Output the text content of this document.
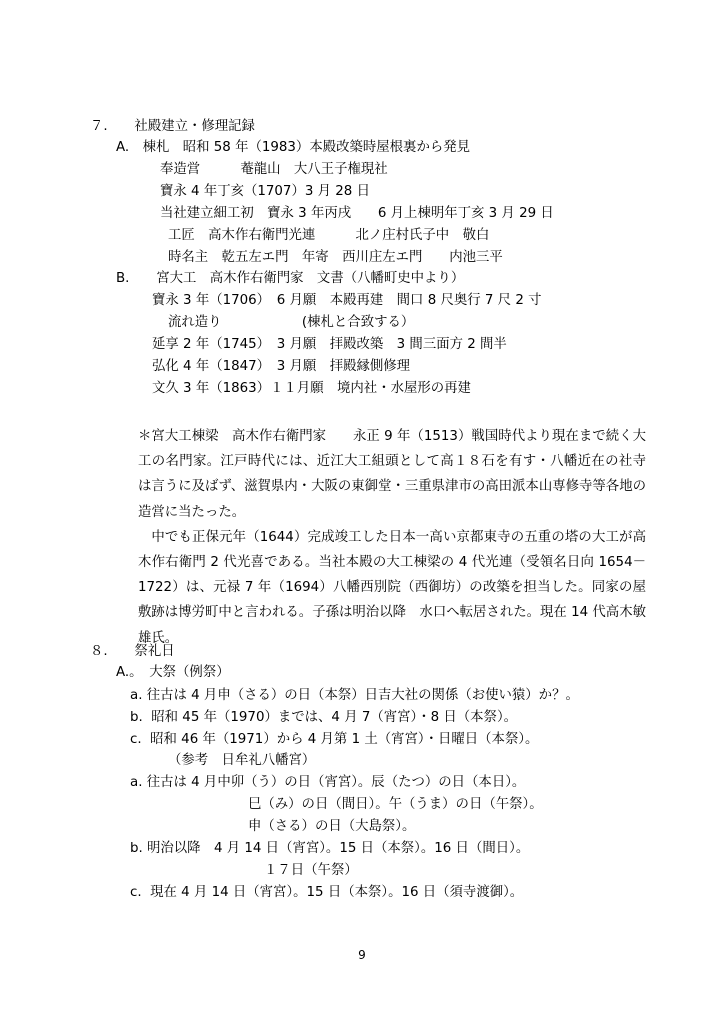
７.　　社殿建立・修理記録
A.　棟札　昭和 58 年（1983）本殿改築時屋根裏から発見
奉造営　　　菴龍山　大八王子権現社
寶永 4 年丁亥（1707）3 月 28 日
当社建立細工初　寶永 3 年丙戌　　6 月上棟明年丁亥 3 月 29 日
工匠　高木作右衛門光連　　　北ノ庄村氏子中　敬白
時名主　乾五左エ門　年寄　西川庄左エ門　　内池三平
B.　　宮大工　高木作右衛門家　文書（八幡町史中より）
寶永 3 年（1706）　6 月願　本殿再建　間口 8 尺奥行 7 尺 2 寸
流れ造り　　　　　　(棟札と合致する）
延享 2 年（1745）　3 月願　拝殿改築　3 間三面方 2 間半
弘化 4 年（1847）　3 月願　拝殿縁側修理
文久 3 年（1863）１１月願　境内社・水屋形の再建

＊宮大工棟梁　高木作右衛門家　　永正 9 年（1513）戦国時代より現在まで続く大工の名門家。江戸時代には、近江大工組頭として高１８石を有す・八幡近在の社寺は言うに及ばず、滋賀県内・大阪の東御堂・三重県津市の高田派本山専修寺等各地の造営に当たった。

中でも正保元年（1644）完成竣工した日本一高い京都東寺の五重の塔の大工が高木作右衛門 2 代光喜である。当社本殿の大工棟梁の 4 代光連（受領名日向 1654－1722）は、元禄 7 年（1694）八幡西別院（西御坊）の改築を担当した。同家の屋敷跡は博労町中と言われる。子孫は明治以降　水口へ転居された。現在 14 代高木敏雄氏。

８.　　祭礼日
A.。　大祭（例祭）
a. 往古は 4 月申（さる）の日（本祭）日吉大社の関係（お使い猿）か？。
b.  昭和 45 年（1970）までは、4 月 7（宵宮）・8 日（本祭）。
c.  昭和 46 年（1971）から 4 月第 1 土（宵宮）・日曜日（本祭）。
（参考　日牟礼八幡宮）
a. 往古は 4 月中卯（う）の日（宵宮）。辰（たつ）の日（本日）。
巳（み）の日（間日）。午（うま）の日（午祭）。
申（さる）の日（大島祭）。
b. 明治以降　4 月 14 日（宵宮）。15 日（本祭）。16 日（間日）。
１７日（午祭）
c.  現在 4 月 14 日（宵宮）。15 日（本祭）。16 日（須寺渡御）。
9
